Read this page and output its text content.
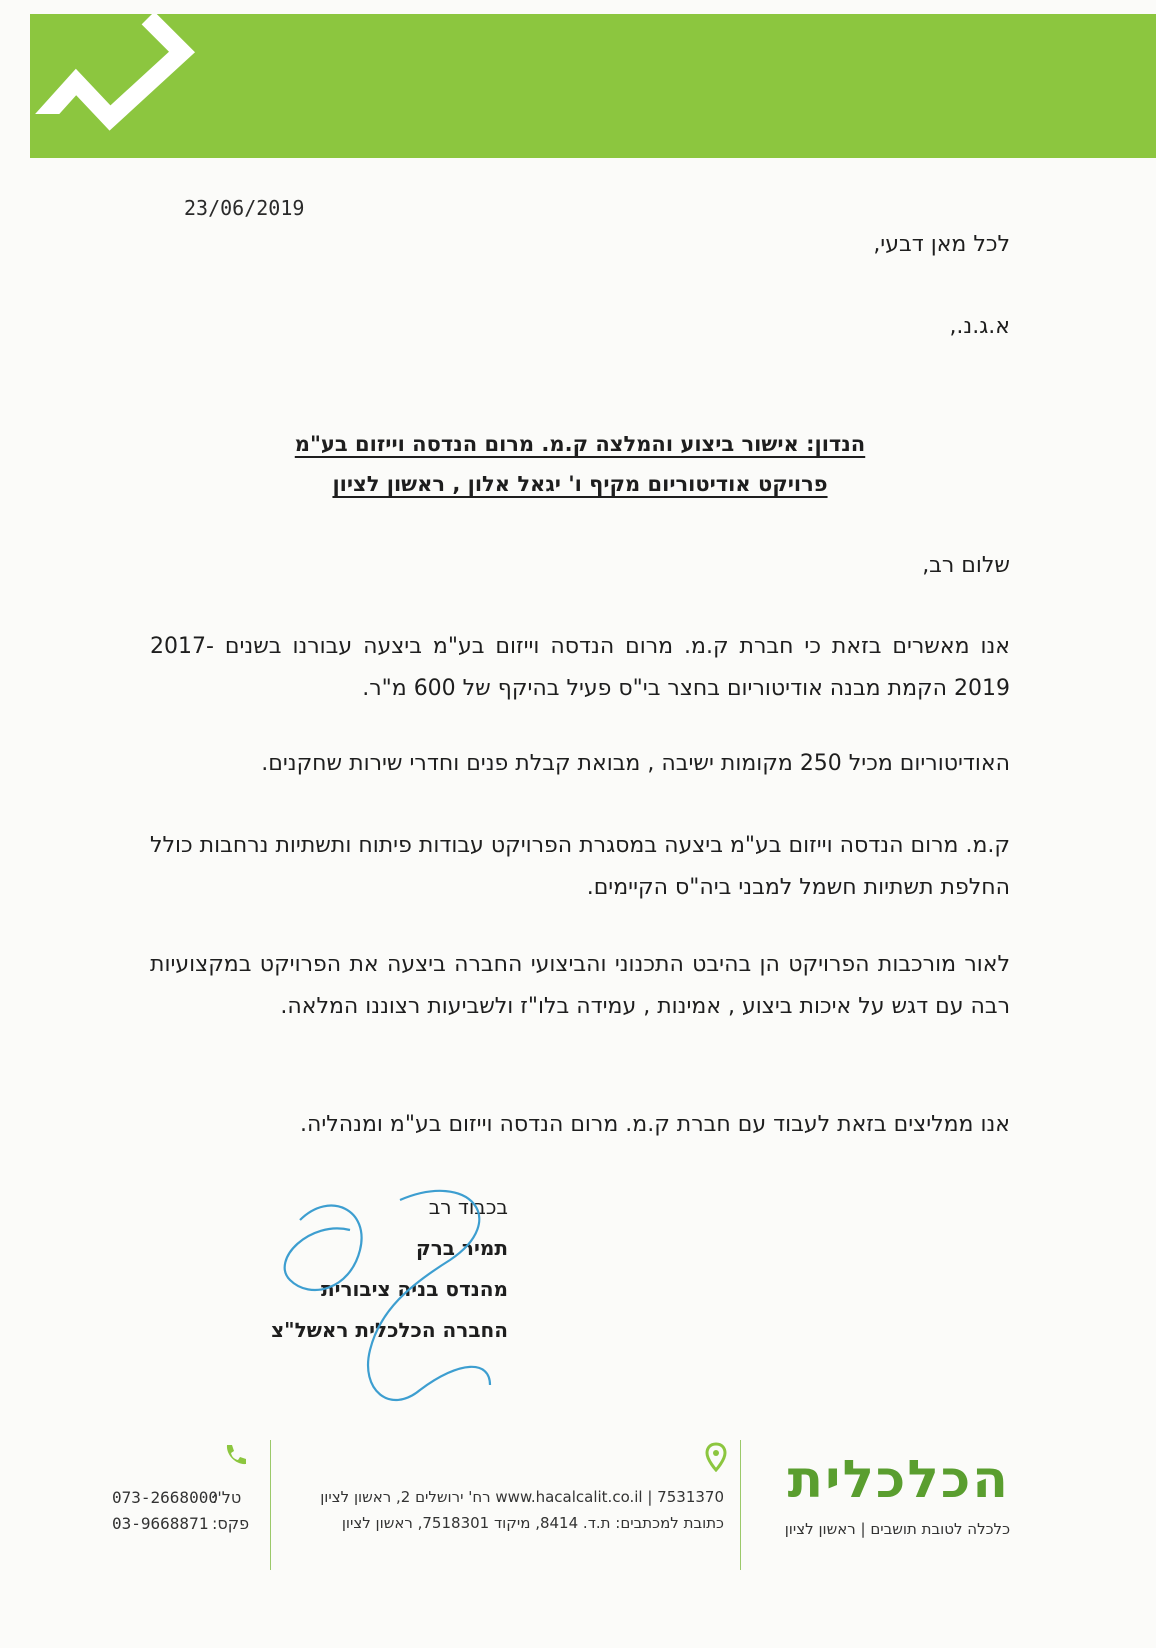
23/06/2019
לכל מאן דבעי,
א.ג.נ.,
הנדון: אישור ביצוע והמלצה ק.מ. מרום הנדסה וייזום בע"מ
פרויקט אודיטוריום מקיף ו' יגאל אלון , ראשון לציון
שלום רב,
אנו מאשרים בזאת כי חברת ק.מ. מרום הנדסה וייזום בע"מ ביצעה עבורנו בשנים 2017-2019 הקמת מבנה אודיטוריום בחצר בי"ס פעיל בהיקף של 600 מ"ר.
האודיטוריום מכיל 250 מקומות ישיבה , מבואת קבלת פנים וחדרי שירות שחקנים.
ק.מ. מרום הנדסה וייזום בע"מ ביצעה במסגרת הפרויקט עבודות פיתוח ותשתיות נרחבות כולל החלפת תשתיות חשמל למבני ביה"ס הקיימים.
לאור מורכבות הפרויקט הן בהיבט התכנוני והביצועי החברה ביצעה את הפרויקט במקצועיות רבה עם דגש על איכות ביצוע , אמינות , עמידה בלו"ז ולשביעות רצוננו המלאה.
אנו ממליצים בזאת לעבוד עם חברת ק.מ. מרום הנדסה וייזום בע"מ ומנהליה.
בכבוד רב
תמיר ברק
מהנדס בניה ציבורית
החברה הכלכלית ראשל"צ
073-2668000
טל':
03-9668871 פקס:
www.hacalcalit.co.il | 7531370 רח' ירושלים 2, ראשון לציון
כתובת למכתבים: ת.ד. 8414, מיקוד 7518301, ראשון לציון
הכלכלית
כלכלה לטובת תושבים | ראשון לציון
